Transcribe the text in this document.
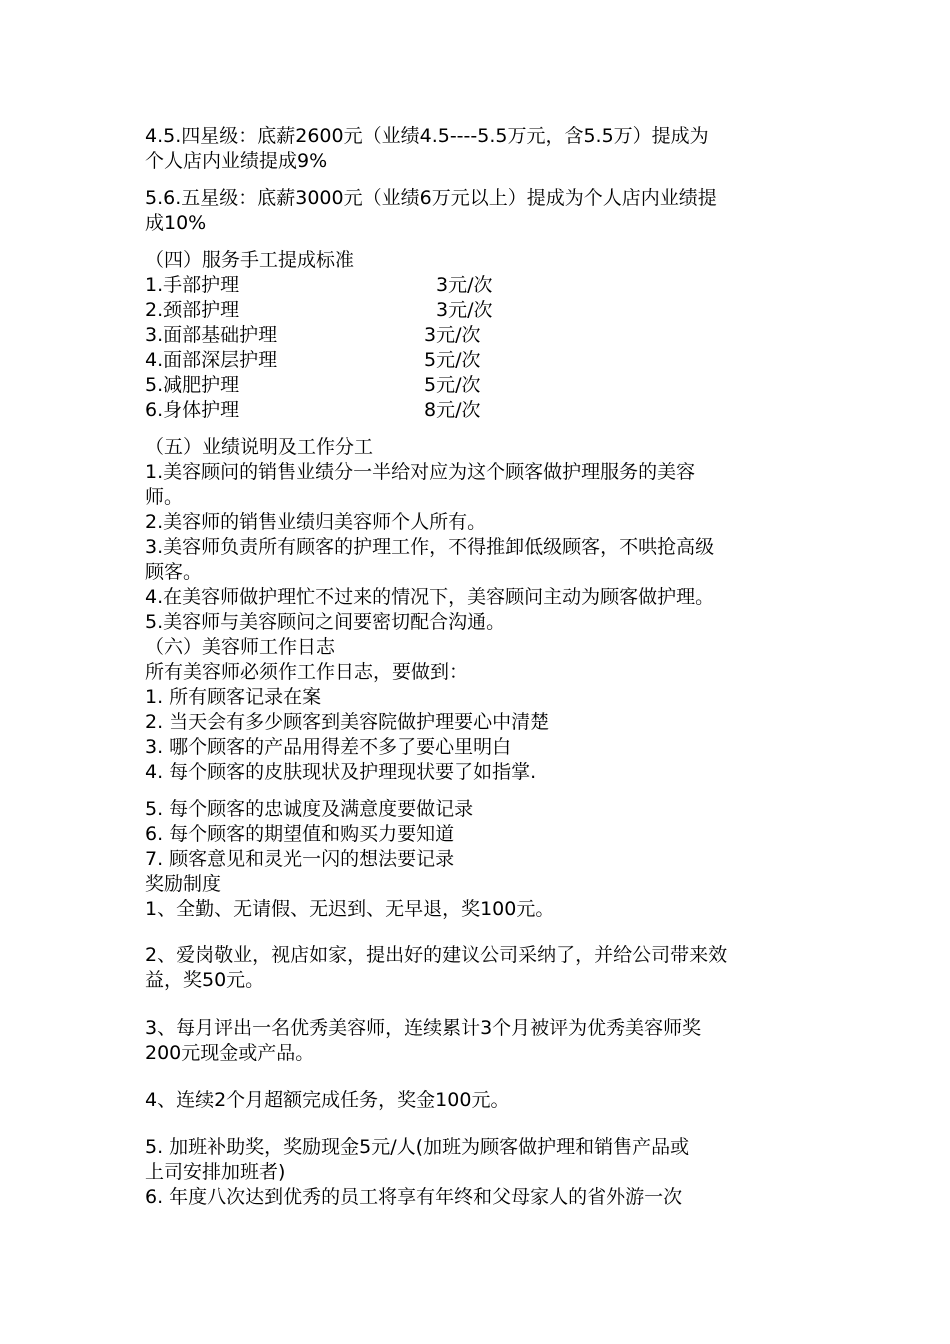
4.5.四星级：底薪2600元（业绩4.5----5.5万元，含5.5万）提成为
个人店内业绩提成9%
5.6.五星级：底薪3000元（业绩6万元以上）提成为个人店内业绩提
成10%
（四）服务手工提成标准
1.手部护理	3元/次
2.颈部护理	3元/次
3.面部基础护理	3元/次
4.面部深层护理	5元/次
5.减肥护理	5元/次
6.身体护理	8元/次
（五）业绩说明及工作分工
1.美容顾问的销售业绩分一半给对应为这个顾客做护理服务的美容
师。
2.美容师的销售业绩归美容师个人所有。
3.美容师负责所有顾客的护理工作，不得推卸低级顾客，不哄抢高级
顾客。
4.在美容师做护理忙不过来的情况下，美容顾问主动为顾客做护理。
5.美容师与美容顾问之间要密切配合沟通。
（六）美容师工作日志
所有美容师必须作工作日志，要做到：
1. 所有顾客记录在案
2. 当天会有多少顾客到美容院做护理要心中清楚
3. 哪个顾客的产品用得差不多了要心里明白
4. 每个顾客的皮肤现状及护理现状要了如指掌.
5. 每个顾客的忠诚度及满意度要做记录
6. 每个顾客的期望值和购买力要知道
7. 顾客意见和灵光一闪的想法要记录
奖励制度
1、全勤、无请假、无迟到、无早退，奖100元。
2、爱岗敬业，视店如家，提出好的建议公司采纳了，并给公司带来效
益，奖50元。
3、每月评出一名优秀美容师，连续累计3个月被评为优秀美容师奖
200元现金或产品。
4、连续2个月超额完成任务，奖金100元。
5. 加班补助奖，奖励现金5元/人(加班为顾客做护理和销售产品或
上司安排加班者)
6. 年度八次达到优秀的员工将享有年终和父母家人的省外游一次
